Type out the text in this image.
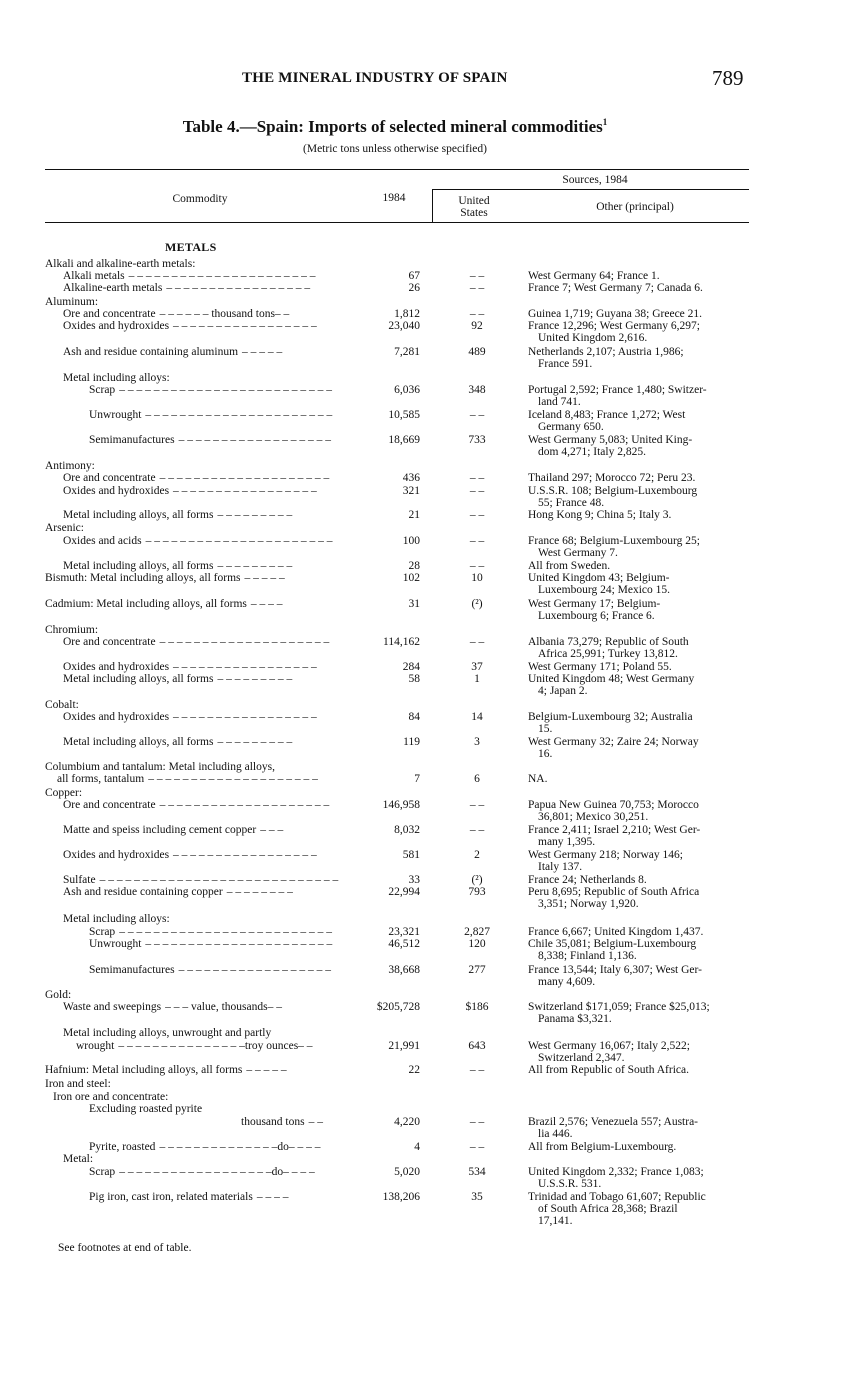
THE MINERAL INDUSTRY OF SPAIN	789
Table 4.—Spain: Imports of selected mineral commodities$^1$
(Metric tons unless otherwise specified)
Commodity	1984
Sources, 1984
United
States	Other (principal)
METALS
Alkali and alkaline-earth metals:
Alkali metals – – – – – – – – – – – – – – – – – – – – – –	67	– –	West Germany 64; France 1.
Alkaline-earth metals – – – – – – – – – – – – – – – – –	26	– –	France 7; West Germany 7; Canada 6.
Aluminum:
Ore and concentrate – – – – – – thousand tons– –	1,812	– –	Guinea 1,719; Guyana 38; Greece 21.
Oxides and hydroxides – – – – – – – – – – – – – – – – –	23,040	92	France 12,296; West Germany 6,297;
United Kingdom 2,616.
Ash and residue containing aluminum – – – – –	7,281	489	Netherlands 2,107; Austria 1,986;
France 591.
Metal including alloys:
Scrap – – – – – – – – – – – – – – – – – – – – – – – – –	6,036	348	Portugal 2,592; France 1,480; Switzer-
land 741.
Unwrought – – – – – – – – – – – – – – – – – – – – – –	10,585	– –	Iceland 8,483; France 1,272; West
Germany 650.
Semimanufactures – – – – – – – – – – – – – – – – – –	18,669	733	West Germany 5,083; United King-
dom 4,271; Italy 2,825.
Antimony:
Ore and concentrate – – – – – – – – – – – – – – – – – – – –	436	– –	Thailand 297; Morocco 72; Peru 23.
Oxides and hydroxides – – – – – – – – – – – – – – – – –	321	– –	U.S.S.R. 108; Belgium-Luxembourg
55; France 48.
Metal including alloys, all forms – – – – – – – – –	21	– –	Hong Kong 9; China 5; Italy 3.
Arsenic:
Oxides and acids – – – – – – – – – – – – – – – – – – – – – –	100	– –	France 68; Belgium-Luxembourg 25;
West Germany 7.
Metal including alloys, all forms – – – – – – – – –	28	– –	All from Sweden.
Bismuth: Metal including alloys, all forms – – – – –	102	10	United Kingdom 43; Belgium-
Luxembourg 24; Mexico 15.
Cadmium: Metal including alloys, all forms – – – –	31	(²)	West Germany 17; Belgium-
Luxembourg 6; France 6.
Chromium:
Ore and concentrate – – – – – – – – – – – – – – – – – – – –	114,162	– –	Albania 73,279; Republic of South
Africa 25,991; Turkey 13,812.
Oxides and hydroxides – – – – – – – – – – – – – – – – –	284	37	West Germany 171; Poland 55.
Metal including alloys, all forms – – – – – – – – –	58	1	United Kingdom 48; West Germany
4; Japan 2.
Cobalt:
Oxides and hydroxides – – – – – – – – – – – – – – – – –	84	14	Belgium-Luxembourg 32; Australia
15.
Metal including alloys, all forms – – – – – – – – –	119	3	West Germany 32; Zaire 24; Norway
16.
Columbium and tantalum: Metal including alloys,
all forms, tantalum – – – – – – – – – – – – – – – – – – – –	7	6	NA.
Copper:
Ore and concentrate – – – – – – – – – – – – – – – – – – – –	146,958	– –	Papua New Guinea 70,753; Morocco
36,801; Mexico 30,251.
Matte and speiss including cement copper – – –	8,032	– –	France 2,411; Israel 2,210; West Ger-
many 1,395.
Oxides and hydroxides – – – – – – – – – – – – – – – – –	581	2	West Germany 218; Norway 146;
Italy 137.
Sulfate – – – – – – – – – – – – – – – – – – – – – – – – – – – –	33	(²)	France 24; Netherlands 8.
Ash and residue containing copper – – – – – – – –	22,994	793	Peru 8,695; Republic of South Africa
3,351; Norway 1,920.
Metal including alloys:
Scrap – – – – – – – – – – – – – – – – – – – – – – – – –	23,321	2,827	France 6,667; United Kingdom 1,437.
Unwrought – – – – – – – – – – – – – – – – – – – – – –	46,512	120	Chile 35,081; Belgium-Luxembourg
8,338; Finland 1,136.
Semimanufactures – – – – – – – – – – – – – – – – – –	38,668	277	France 13,544; Italy 6,307; West Ger-
many 4,609.
Gold:
Waste and sweepings – – – value, thousands– –	$205,728	$186	Switzerland $171,059; France $25,013;
Panama $3,321.
Metal including alloys, unwrought and partly
wrought – – – – – – – – – – – – – – –troy ounces– –	21,991	643	West Germany 16,067; Italy 2,522;
Switzerland 2,347.
Hafnium: Metal including alloys, all forms – – – – –	22	– –	All from Republic of South Africa.
Iron and steel:
Iron ore and concentrate:
Excluding roasted pyrite
thousand tons – –	4,220	– –	Brazil 2,576; Venezuela 557; Austra-
lia 446.
Pyrite, roasted – – – – – – – – – – – – – –do– – – –	4	– –	All from Belgium-Luxembourg.
Metal:
Scrap – – – – – – – – – – – – – – – – – –do– – – –	5,020	534	United Kingdom 2,332; France 1,083;
U.S.S.R. 531.
Pig iron, cast iron, related materials – – – –	138,206	35	Trinidad and Tobago 61,607; Republic
of South Africa 28,368; Brazil
17,141.
See footnotes at end of table.
